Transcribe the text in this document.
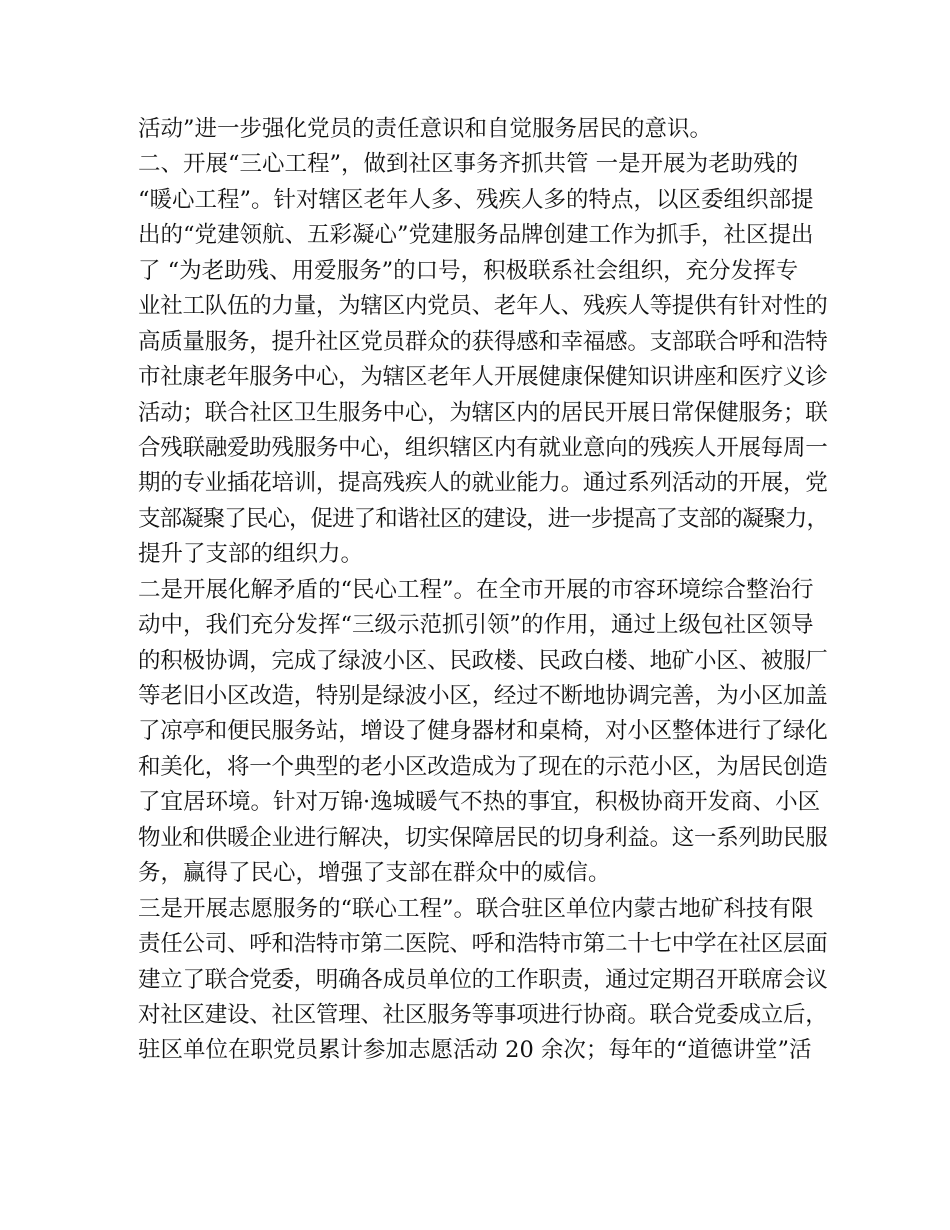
活动”进一步强化党员的责任意识和自觉服务居民的意识。
二、开展“三心工程”，做到社区事务齐抓共管 一是开展为老助残的
“暖心工程”。针对辖区老年人多、残疾人多的特点，以区委组织部提
出的“党建领航、五彩凝心”党建服务品牌创建工作为抓手，社区提出
了 “为老助残、用爱服务”的口号，积极联系社会组织，充分发挥专
业社工队伍的力量，为辖区内党员、老年人、残疾人等提供有针对性的
高质量服务，提升社区党员群众的获得感和幸福感。支部联合呼和浩特
市社康老年服务中心，为辖区老年人开展健康保健知识讲座和医疗义诊
活动；联合社区卫生服务中心，为辖区内的居民开展日常保健服务；联
合残联融爱助残服务中心，组织辖区内有就业意向的残疾人开展每周一
期的专业插花培训，提高残疾人的就业能力。通过系列活动的开展，党
支部凝聚了民心，促进了和谐社区的建设，进一步提高了支部的凝聚力，
提升了支部的组织力。
二是开展化解矛盾的“民心工程”。在全市开展的市容环境综合整治行
动中，我们充分发挥“三级示范抓引领”的作用，通过上级包社区领导
的积极协调，完成了绿波小区、民政楼、民政白楼、地矿小区、被服厂
等老旧小区改造，特别是绿波小区，经过不断地协调完善，为小区加盖
了凉亭和便民服务站，增设了健身器材和桌椅，对小区整体进行了绿化
和美化，将一个典型的老小区改造成为了现在的示范小区，为居民创造
了宜居环境。针对万锦·逸城暖气不热的事宜，积极协商开发商、小区
物业和供暖企业进行解决，切实保障居民的切身利益。这一系列助民服
务，赢得了民心，增强了支部在群众中的威信。
三是开展志愿服务的“联心工程”。联合驻区单位内蒙古地矿科技有限
责任公司、呼和浩特市第二医院、呼和浩特市第二十七中学在社区层面
建立了联合党委，明确各成员单位的工作职责，通过定期召开联席会议
对社区建设、社区管理、社区服务等事项进行协商。联合党委成立后，
驻区单位在职党员累计参加志愿活动 20 余次；每年的“道德讲堂”活
